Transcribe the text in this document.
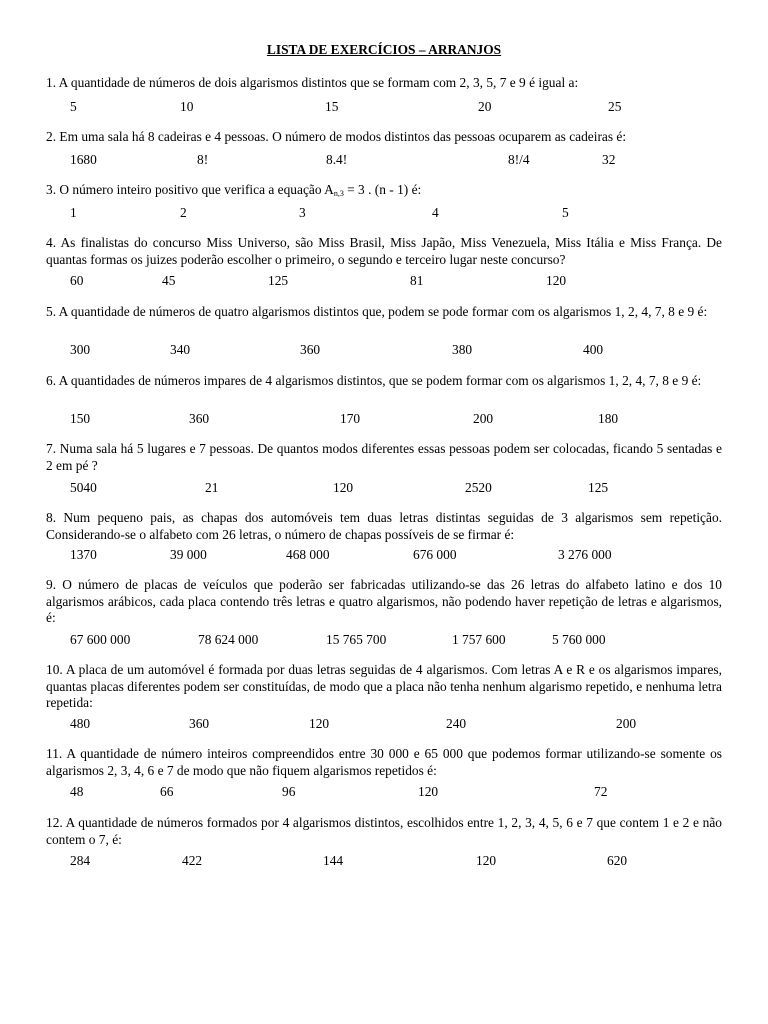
LISTA DE EXERCÍCIOS – ARRANJOS
1. A quantidade de números de dois algarismos distintos que se formam com 2, 3, 5, 7 e 9 é igual a:
5	10	15	20	25
2. Em uma sala há 8 cadeiras e 4 pessoas. O número de modos distintos das pessoas ocuparem as cadeiras é:
1680	8!	8.4!	8!/4	32
3. O número inteiro positivo que verifica a equação $A_{n,3} = 3$ . (n - 1) é:
1	2	3	4	5
4. As finalistas do concurso Miss Universo, são Miss Brasil, Miss Japão, Miss Venezuela, Miss Itália e Miss França. De quantas formas os juizes poderão escolher o primeiro, o segundo e terceiro lugar neste concurso?
60	45	125	81	120
5. A quantidade de números de quatro algarismos distintos que, podem se pode formar com os algarismos 1, 2, 4, 7, 8 e 9 é:
300	340	360	380	400
6. A quantidades de números impares de 4 algarismos distintos, que se podem formar com os algarismos 1, 2, 4, 7, 8 e 9 é:
150	360	170	200	180
7. Numa sala há 5 lugares e 7 pessoas. De quantos modos diferentes essas pessoas podem ser colocadas, ficando 5 sentadas e 2 em pé ?
5040	21	120	2520	125
8. Num pequeno pais, as chapas dos automóveis tem duas letras distintas seguidas de 3 algarismos sem repetição. Considerando-se o alfabeto com 26 letras, o número de chapas possíveis de se firmar é:
1370	39 000	468 000	676 000	3 276 000
9. O número de placas de veículos que poderão ser fabricadas utilizando-se das 26 letras do alfabeto latino e dos 10 algarismos arábicos, cada placa contendo três letras e quatro algarismos, não podendo haver repetição de letras e algarismos, é:
67 600 000	78 624 000	15 765 700	1 757 600	5 760 000
10. A placa de um automóvel é formada por duas letras seguidas de 4 algarismos. Com letras A e R e os algarismos impares, quantas placas diferentes podem ser constituídas, de modo que a placa não tenha nenhum algarismo repetido, e nenhuma letra repetida:
480	360	120	240	200
11. A quantidade de número inteiros compreendidos entre 30 000 e 65 000 que podemos formar utilizando-se somente os algarismos 2, 3, 4, 6 e 7 de modo que não fiquem algarismos repetidos é:
48	66	96	120	72
12. A quantidade de números formados por 4 algarismos distintos, escolhidos entre 1, 2, 3, 4, 5, 6 e 7 que contem 1 e 2 e não contem o 7, é:
284	422	144	120	620
